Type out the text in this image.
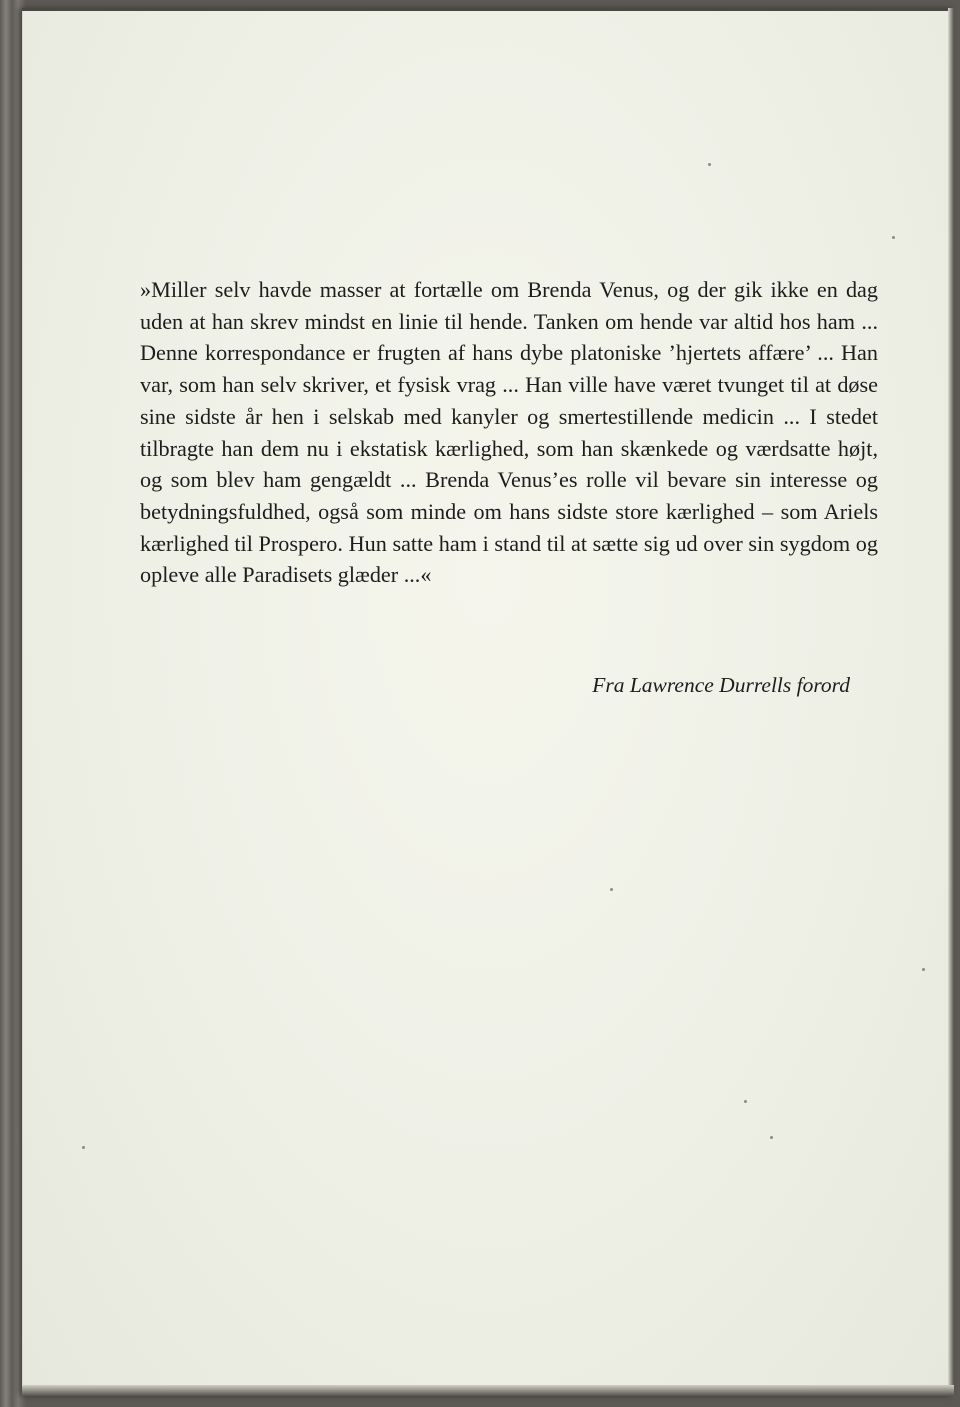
»Miller selv havde masser at fortælle om Brenda Venus, og der gik ikke en dag uden at han skrev mindst en linie til hende. Tanken om hende var altid hos ham ... Denne korrespondance er frugten af hans dybe platoniske ’hjertets affære’ ... Han var, som han selv skriver, et fysisk vrag ... Han ville have været tvunget til at døse sine sidste år hen i selskab med kanyler og smertestillende medicin ... I stedet tilbragte han dem nu i ekstatisk kærlighed, som han skænkede og værdsatte højt, og som blev ham gengældt ... Brenda Venus’es rolle vil bevare sin interesse og betydningsfuldhed, også som minde om hans sidste store kærlighed – som Ariels kærlighed til Prospero. Hun satte ham i stand til at sætte sig ud over sin sygdom og opleve alle Paradisets glæder ...«

Fra Lawrence Durrells forord
